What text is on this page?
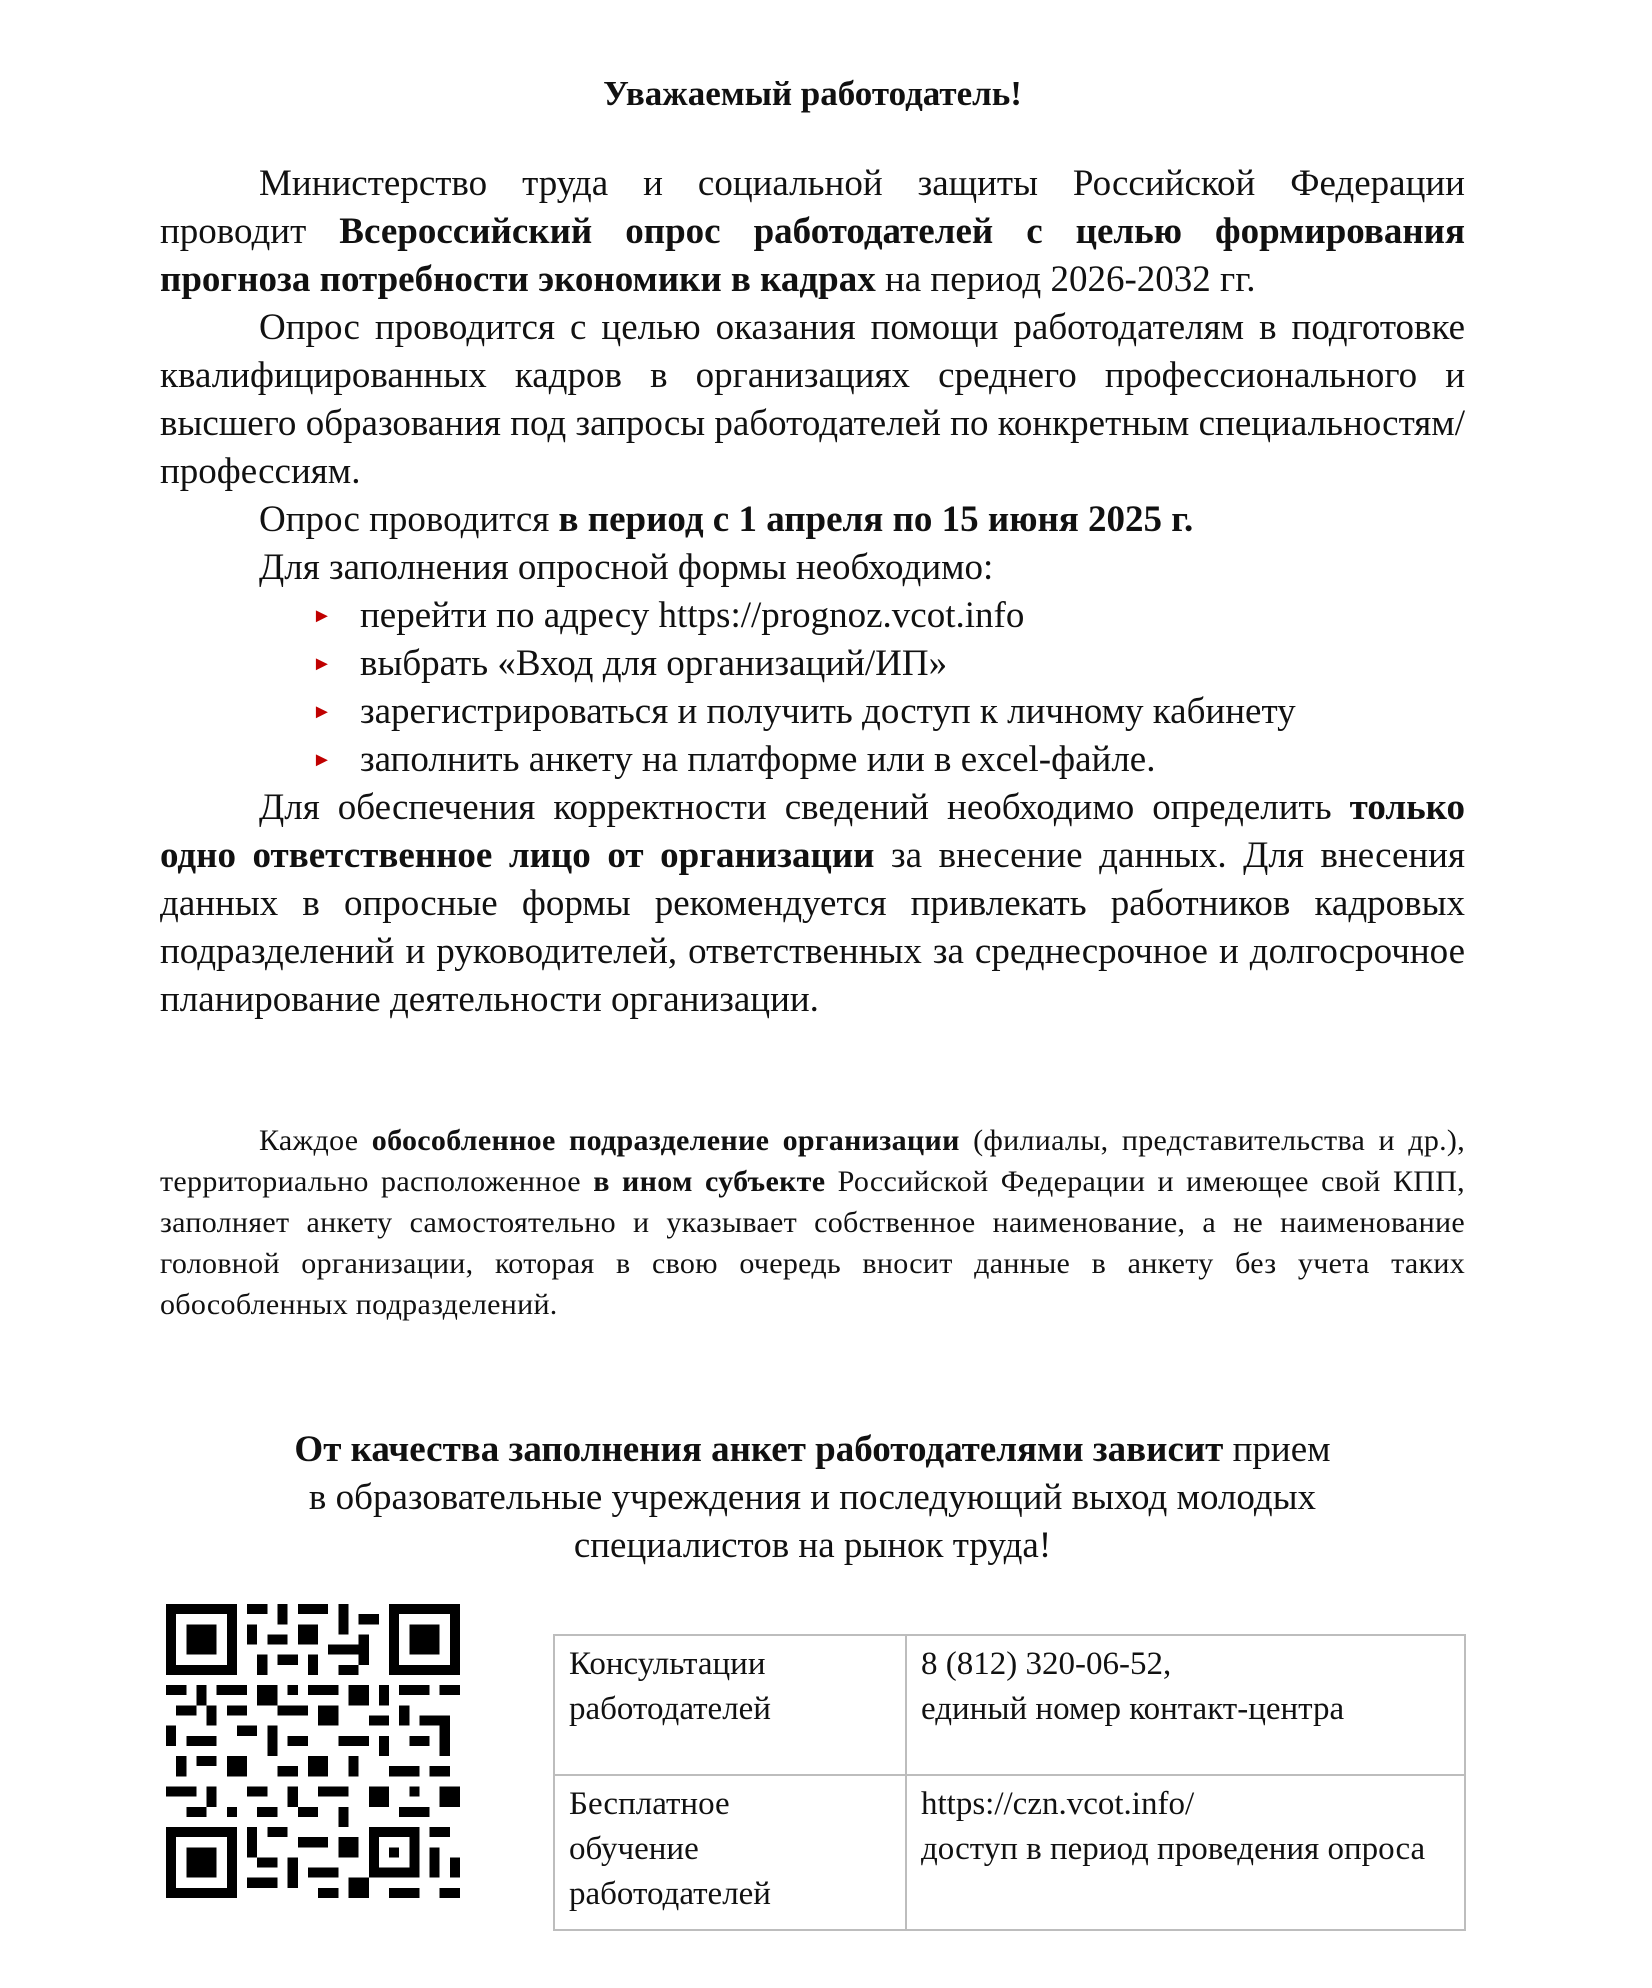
Уважаемый работодатель!

Министерство труда и социальной защиты Российской Федерации проводит Всероссийский опрос работодателей с целью формирования прогноза потребности экономики в кадрах на период 2026-2032 гг.

Опрос проводится с целью оказания помощи работодателям в подготовке квалифицированных кадров в организациях среднего профессионального и высшего образования под запросы работодателей по конкретным специальностям/профессиям.

Опрос проводится в период с 1 апреля по 15 июня 2025 г.

Для заполнения опросной формы необходимо:

► перейти по адресу https://prognoz.vcot.info
► выбрать «Вход для организаций/ИП»
► зарегистрироваться и получить доступ к личному кабинету
► заполнить анкету на платформе или в excel-файле.

Для обеспечения корректности сведений необходимо определить только одно ответственное лицо от организации за внесение данных. Для внесения данных в опросные формы рекомендуется привлекать работников кадровых подразделений и руководителей, ответственных за среднесрочное и долгосрочное планирование деятельности организации.

Каждое обособленное подразделение организации (филиалы, представительства и др.), территориально расположенное в ином субъекте Российской Федерации и имеющее свой КПП, заполняет анкету самостоятельно и указывает собственное наименование, а не наименование головной организации, которая в свою очередь вносит данные в анкету без учета таких обособленных подразделений.

От качества заполнения анкет работодателями зависит прием
в образовательные учреждения и последующий выход молодых
специалистов на рынок труда!

Консультации
работодателей	8 (812) 320-06-52,
единый номер контакт-центра
Бесплатное
обучение
работодателей	https://czn.vcot.info/
доступ в период проведения опроса
